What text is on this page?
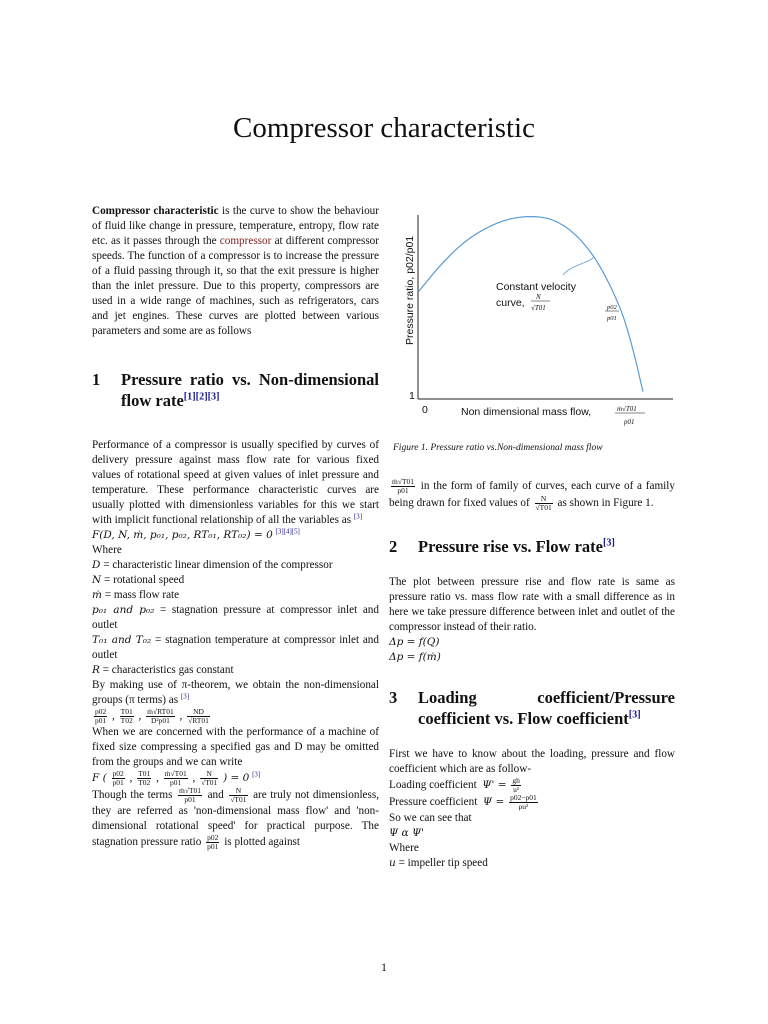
Compressor characteristic

Compressor characteristic is the curve to show the behaviour of fluid like change in pressure, temperature, entropy, flow rate etc. as it passes through the compressor at different compressor speeds. The function of a compressor is to increase the pressure of a fluid passing through it, so that the exit pressure is higher than the inlet pressure. Due to this property, compressors are used in a wide range of machines, such as refrigerators, cars and jet engines. These curves are plotted between various parameters and some are as follows

1	Pressure ratio vs. Non-dimensional flow rate[1][2][3]

Performance of a compressor is usually specified by curves of delivery pressure against mass flow rate for various fixed values of rotational speed at given values of inlet pressure and temperature. These performance characteristic curves are usually plotted with dimensionless variables for this we start with implicit functional relationship of all the variables as [3]

F(D, N, ṁ, p₀₁, p₀₂, RT₀₁, RT₀₂) = 0 [3][4][5]

Where

D = characteristic linear dimension of the compressor

N = rotational speed

ṁ = mass flow rate

p₀₁ and p₀₂ = stagnation pressure at compressor inlet and outlet

T₀₁ and T₀₂ = stagnation temperature at compressor inlet and outlet

R = characteristics gas constant

By making use of π-theorem, we obtain the non-dimensional groups (π terms) as [3]

$\frac{p02}{p01}$ , $\frac{T01}{T02}$ , $\frac{\text{ṁ√RT01}}{\text{D²p01}}$ , $\frac{ND}{√RT01}$

When we are concerned with the performance of a machine of fixed size compressing a specified gas and D may be omitted from the groups and we can write

F ( $\frac{p02}{p01}$ , $\frac{T01}{T02}$ , $\frac{\text{ṁ√T01}}{p01}$ , $\frac{N}{√T01}$ ) = 0 [3]

Though the terms $\frac{\text{ṁ√T01}}{p01}$ and $\frac{N}{√T01}$ are truly not dimensionless, they are referred as 'non-dimensional mass flow' and 'non-dimensional rotational speed' for practical purpose. The stagnation pressure ratio $\frac{p02}{p01}$ is plotted against

Pressure ratio, p02/p01
1
0	Non dimensional mass flow,	ṁ√T01
p01
Constant velocity
curve, N
√T01	p02
p01
Figure 1. Pressure ratio vs.Non-dimensional mass flow

$\frac{\text{ṁ√T01}}{p01}$ in the form of family of curves, each curve of a family being drawn for fixed values of $\frac{N}{√T01}$ as shown in Figure 1.

2	Pressure rise vs. Flow rate[3]

The plot between pressure rise and flow rate is same as pressure ratio vs. mass flow rate with a small difference as in here we take pressure difference between inlet and outlet of the compressor instead of their ratio.

Δp = f(Q)

Δp = f(ṁ)

3	Loading coefficient/Pressure coefficient vs. Flow coefficient[3]

First we have to know about the loading, pressure and flow coefficient which are as follow-

Loading coefficient $\Psi' = \frac{gh}{\text{u²}}$

Pressure coefficient $\Psi = \frac{p02-p01}{\text{ρu²}}$

So we can see that

Ψ α Ψ'

Where

u = impeller tip speed

1
